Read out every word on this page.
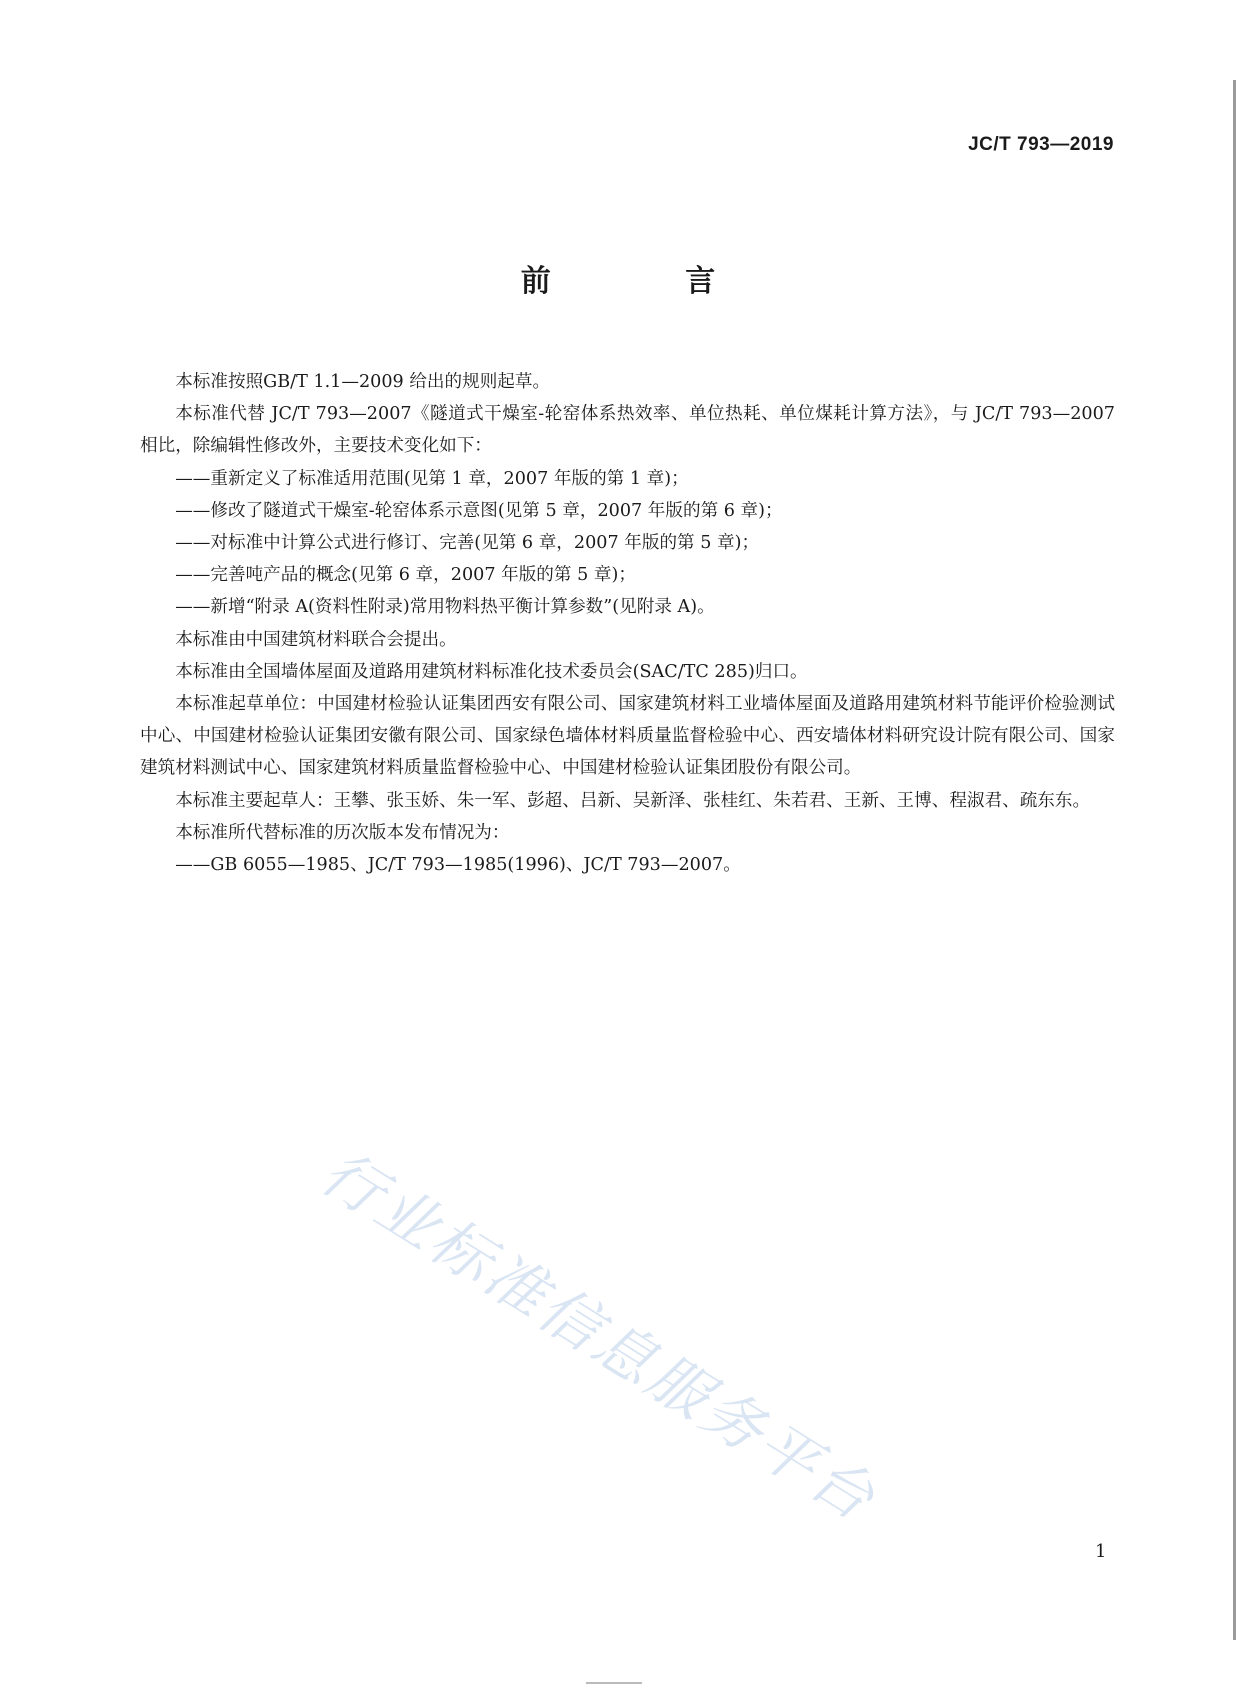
JC/T 793—2019
前 言

本标准按照GB/T 1.1—2009 给出的规则起草。

本标准代替 JC/T 793—2007《隧道式干燥室-轮窑体系热效率、单位热耗、单位煤耗计算方法》，与 JC/T 793—2007 相比，除编辑性修改外，主要技术变化如下：

——重新定义了标准适用范围(见第 1 章，2007 年版的第 1 章)；

——修改了隧道式干燥室-轮窑体系示意图(见第 5 章，2007 年版的第 6 章)；

——对标准中计算公式进行修订、完善(见第 6 章，2007 年版的第 5 章)；

——完善吨产品的概念(见第 6 章，2007 年版的第 5 章)；

——新增“附录 A(资料性附录)常用物料热平衡计算参数”(见附录 A)。

本标准由中国建筑材料联合会提出。

本标准由全国墙体屋面及道路用建筑材料标准化技术委员会(SAC/TC 285)归口。

本标准起草单位：中国建材检验认证集团西安有限公司、国家建筑材料工业墙体屋面及道路用建筑材料节能评价检验测试中心、中国建材检验认证集团安徽有限公司、国家绿色墙体材料质量监督检验中心、西安墙体材料研究设计院有限公司、国家建筑材料测试中心、国家建筑材料质量监督检验中心、中国建材检验认证集团股份有限公司。

本标准主要起草人：王攀、张玉娇、朱一军、彭超、吕新、吴新泽、张桂红、朱若君、王新、王博、程淑君、疏东东。

本标准所代替标准的历次版本发布情况为：

——GB 6055—1985、JC/T 793—1985(1996)、JC/T 793—2007。

行业标准信息服务平台
1
